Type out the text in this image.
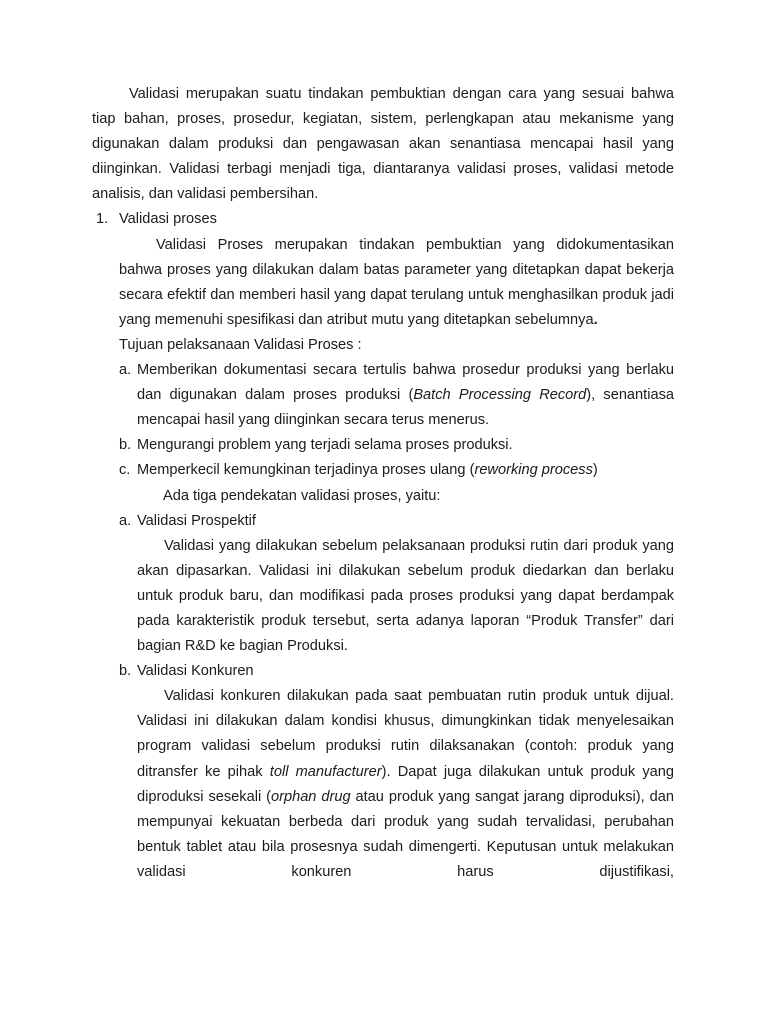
Validasi merupakan suatu tindakan pembuktian dengan cara yang sesuai bahwa tiap bahan, proses, prosedur, kegiatan, sistem, perlengkapan atau mekanisme yang digunakan dalam produksi dan pengawasan akan senantiasa mencapai hasil yang diinginkan. Validasi terbagi menjadi tiga, diantaranya validasi proses, validasi metode analisis, dan validasi pembersihan.

1. Validasi proses

Validasi Proses merupakan tindakan pembuktian yang didokumentasikan bahwa proses yang dilakukan dalam batas parameter yang ditetapkan dapat bekerja secara efektif dan memberi hasil yang dapat terulang untuk menghasilkan produk jadi yang memenuhi spesifikasi dan atribut mutu yang ditetapkan sebelumnya.

Tujuan pelaksanaan Validasi Proses :

a. Memberikan dokumentasi secara tertulis bahwa prosedur produksi yang berlaku dan digunakan dalam proses produksi (Batch Processing Record), senantiasa mencapai hasil yang diinginkan secara terus menerus.

b. Mengurangi problem yang terjadi selama proses produksi.

c. Memperkecil kemungkinan terjadinya proses ulang (reworking process)

Ada tiga pendekatan validasi proses, yaitu:

a. Validasi Prospektif

Validasi yang dilakukan sebelum pelaksanaan produksi rutin dari produk yang akan dipasarkan. Validasi ini dilakukan sebelum produk diedarkan dan berlaku untuk produk baru, dan modifikasi pada proses produksi yang dapat berdampak pada karakteristik produk tersebut, serta adanya laporan “Produk Transfer” dari bagian R&D ke bagian Produksi.

b. Validasi Konkuren

Validasi konkuren dilakukan pada saat pembuatan rutin produk untuk dijual. Validasi ini dilakukan dalam kondisi khusus, dimungkinkan tidak menyelesaikan program validasi sebelum produksi rutin dilaksanakan (contoh: produk yang ditransfer ke pihak toll manufacturer). Dapat juga dilakukan untuk produk yang diproduksi sesekali (orphan drug atau produk yang sangat jarang diproduksi), dan mempunyai kekuatan berbeda dari produk yang sudah tervalidasi, perubahan bentuk tablet atau bila prosesnya sudah dimengerti. Keputusan untuk melakukan validasi konkuren harus dijustifikasi,
